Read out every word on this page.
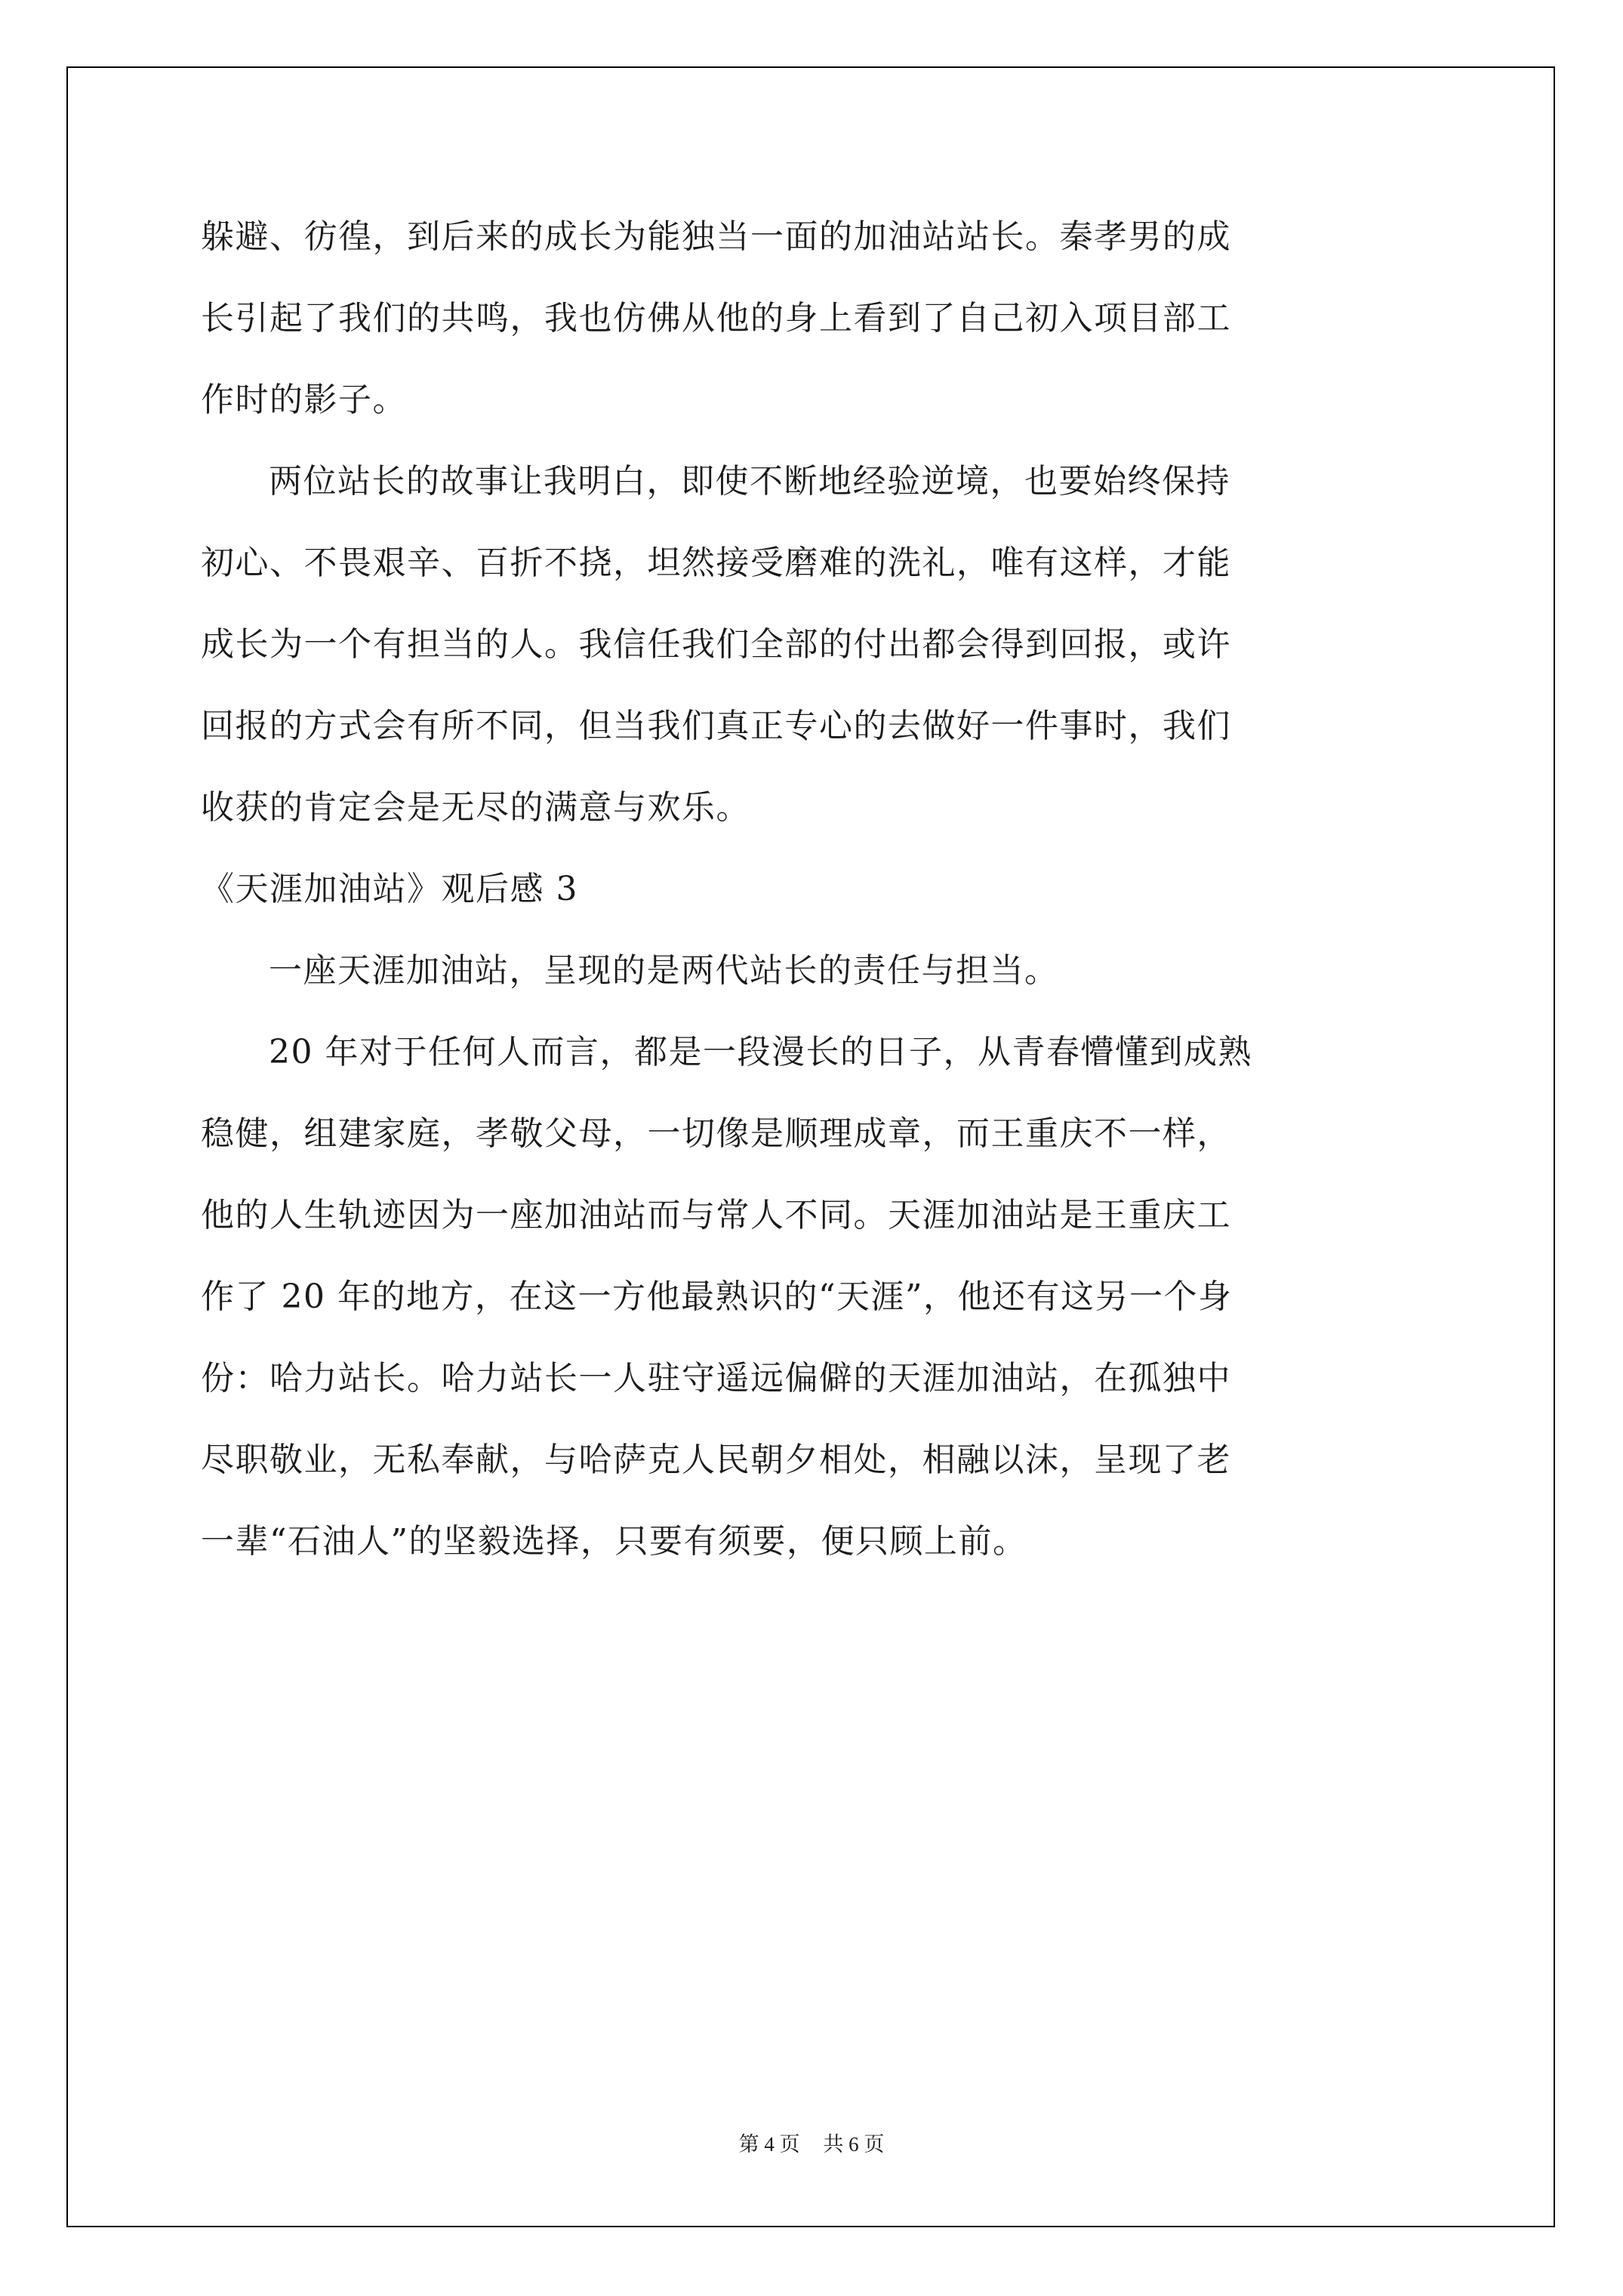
躲避、彷徨，到后来的成长为能独当一面的加油站站长。秦孝男的成
长引起了我们的共鸣，我也仿佛从他的身上看到了自己初入项目部工
作时的影子。
两位站长的故事让我明白，即使不断地经验逆境，也要始终保持
初心、不畏艰辛、百折不挠，坦然接受磨难的洗礼，唯有这样，才能
成长为一个有担当的人。我信任我们全部的付出都会得到回报，或许
回报的方式会有所不同，但当我们真正专心的去做好一件事时，我们
收获的肯定会是无尽的满意与欢乐。
《天涯加油站》观后感 3
一座天涯加油站，呈现的是两代站长的责任与担当。
20 年对于任何人而言，都是一段漫长的日子，从青春懵懂到成熟
稳健，组建家庭，孝敬父母，一切像是顺理成章，而王重庆不一样，
他的人生轨迹因为一座加油站而与常人不同。天涯加油站是王重庆工
作了 20 年的地方，在这一方他最熟识的“天涯”，他还有这另一个身
份：哈力站长。哈力站长一人驻守遥远偏僻的天涯加油站，在孤独中
尽职敬业，无私奉献，与哈萨克人民朝夕相处，相融以沫，呈现了老
一辈“石油人”的坚毅选择，只要有须要，便只顾上前。
第 4 页 共 6 页
